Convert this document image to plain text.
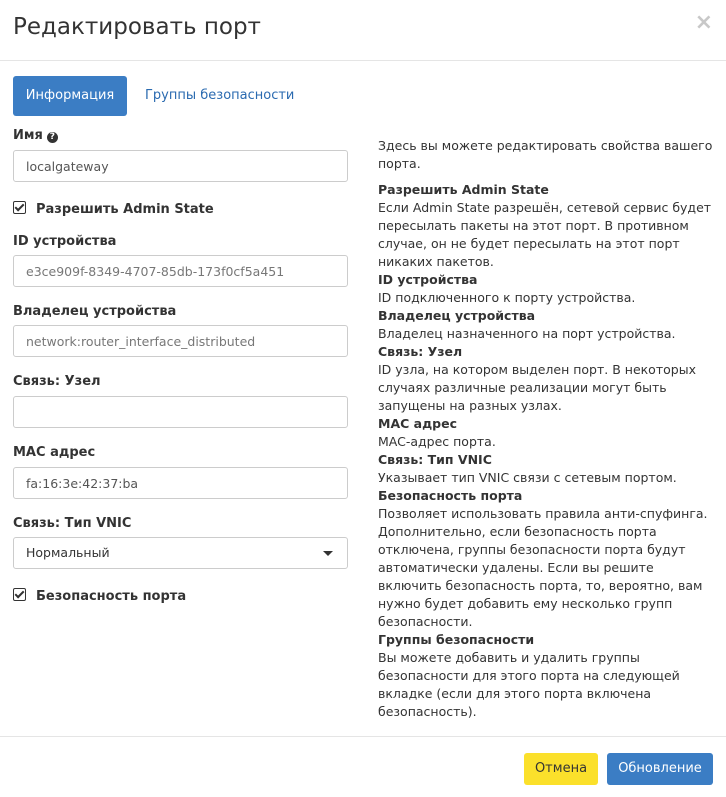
Редактировать порт	×
Информация	Группы безопасности
Имя ?
localgateway
Разрешить Admin State
ID устройства
e3ce909f-8349-4707-85db-173f0cf5a451
Владелец устройства
network:router_interface_distributed
Связь: Узел
MAC адрес
fa:16:3e:42:37:ba
Связь: Тип VNIC
Нормальный
Безопасность порта

Здесь вы можете редактировать свойства вашего порта.

Разрешить Admin State

Если Admin State разрешён, сетевой сервис будет пересылать пакеты на этот порт. В противном случае, он не будет пересылать на этот порт никаких пакетов.

ID устройства

ID подключенного к порту устройства.

Владелец устройства

Владелец назначенного на порт устройства.

Связь: Узел

ID узла, на котором выделен порт. В некоторых случаях различные реализации могут быть запущены на разных узлах.

MAC адрес

MAC-адрес порта.

Связь: Тип VNIC

Указывает тип VNIC связи с сетевым портом.

Безопасность порта

Позволяет использовать правила анти-спуфинга. Дополнительно, если безопасность порта отключена, группы безопасности порта будут автоматически удалены. Если вы решите включить безопасность порта, то, вероятно, вам нужно будет добавить ему несколько групп безопасности.

Группы безопасности

Вы можете добавить и удалить группы безопасности для этого порта на следующей вкладке (если для этого порта включена безопасность).

Отмена	Обновление
